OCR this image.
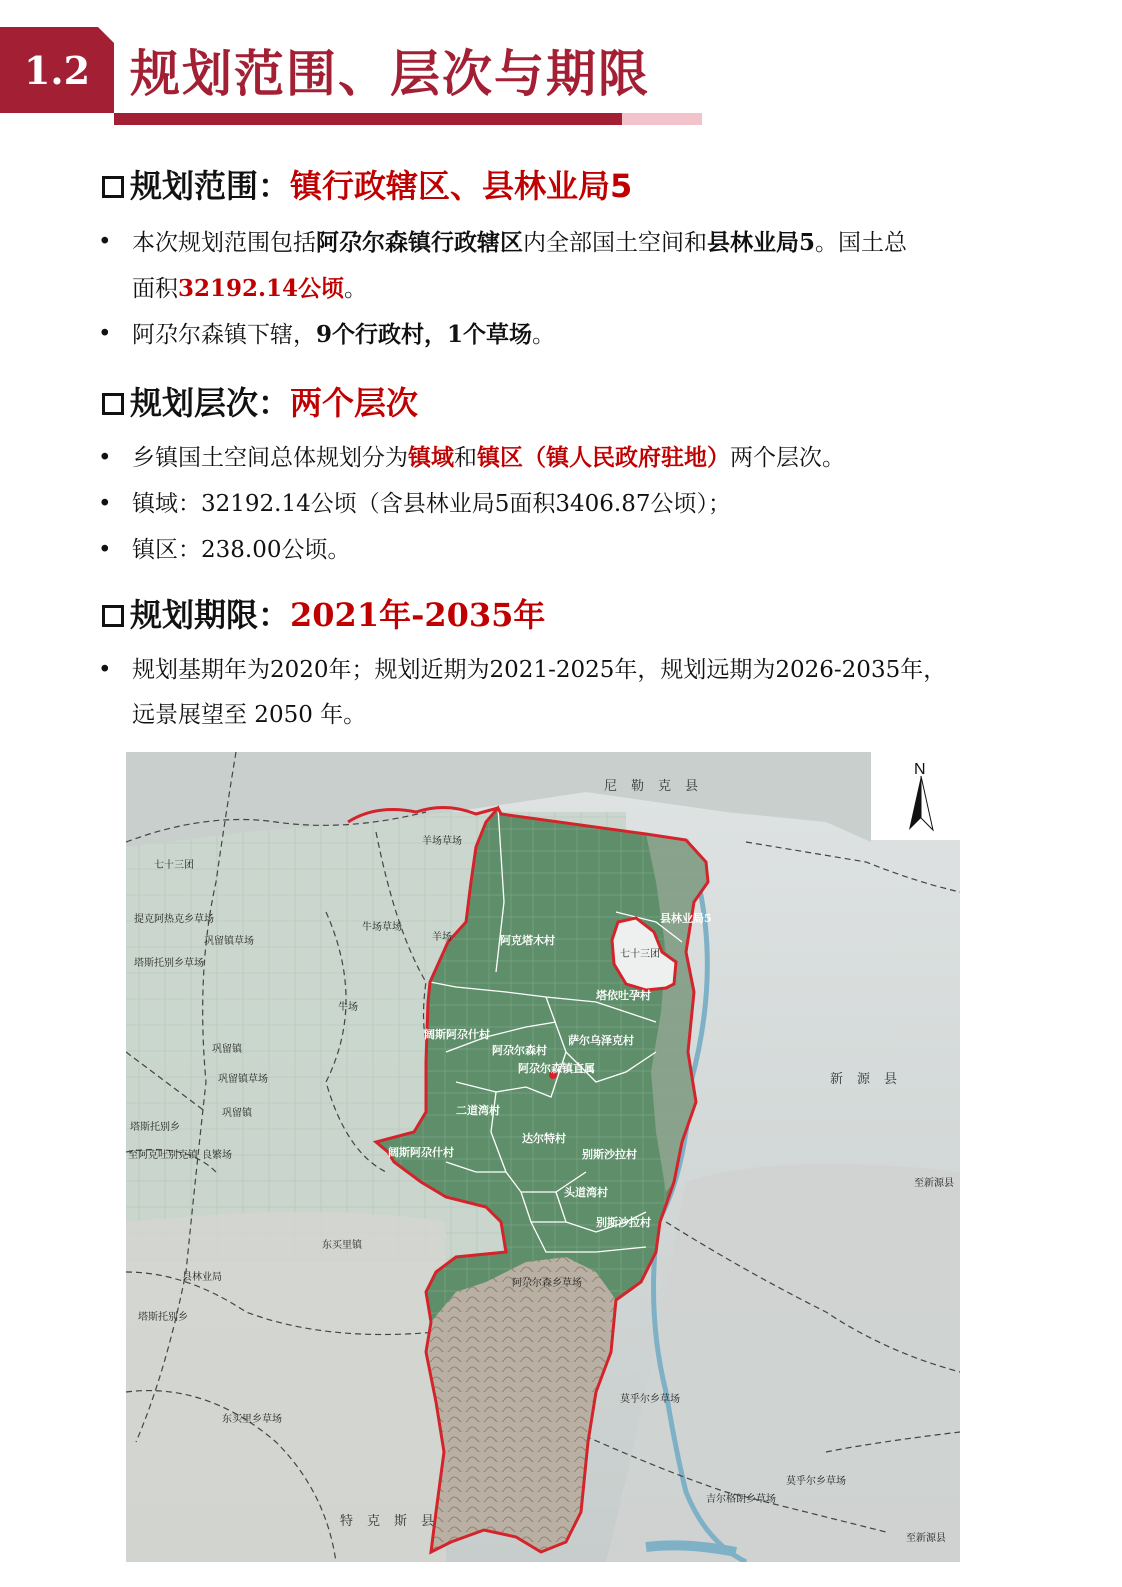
1.2 规划范围、层次与期限
规划范围：镇行政辖区、县林业局5
• 本次规划范围包括阿尕尔森镇行政辖区内全部国土空间和县林业局5。国土总
面积32192.14公顷。
• 阿尕尔森镇下辖，9个行政村，1个草场。
规划层次：两个层次
• 乡镇国土空间总体规划分为镇域和镇区（镇人民政府驻地）两个层次。
• 镇域：32192.14公顷（含县林业局5面积3406.87公顷）；
• 镇区：238.00公顷。
规划期限：2021年-2035年
• 规划基期年为2020年；规划近期为2021-2025年，规划远期为2026-2035年，
远景展望至 2050 年。
N
尼勒克县
新源县
特克斯县
七十三团
提克阿热克乡草场
巩留镇草场
塔斯托别乡草场
牛场草场
羊场草场
羊场
牛场
巩留镇
巩留镇草场
巩留镇
塔斯托别乡
至阿克吐别克镇 良繁场
县林业局
塔斯托别乡
东买里镇
东买里乡草场
县林业局5
七十三团
阿克塔木村
塔依吐孕村
阔斯阿尕什村
阿尕尔森村
萨尔乌泽克村
阿尕尔森镇直属
二道湾村
达尔特村
阔斯阿尕什村	别斯沙拉村
头道湾村
别斯沙拉村
阿尕尔森乡草场
莫乎尔乡草场
吉尔格朗乡草场
莫乎尔乡草场
至新源县
至新源县
